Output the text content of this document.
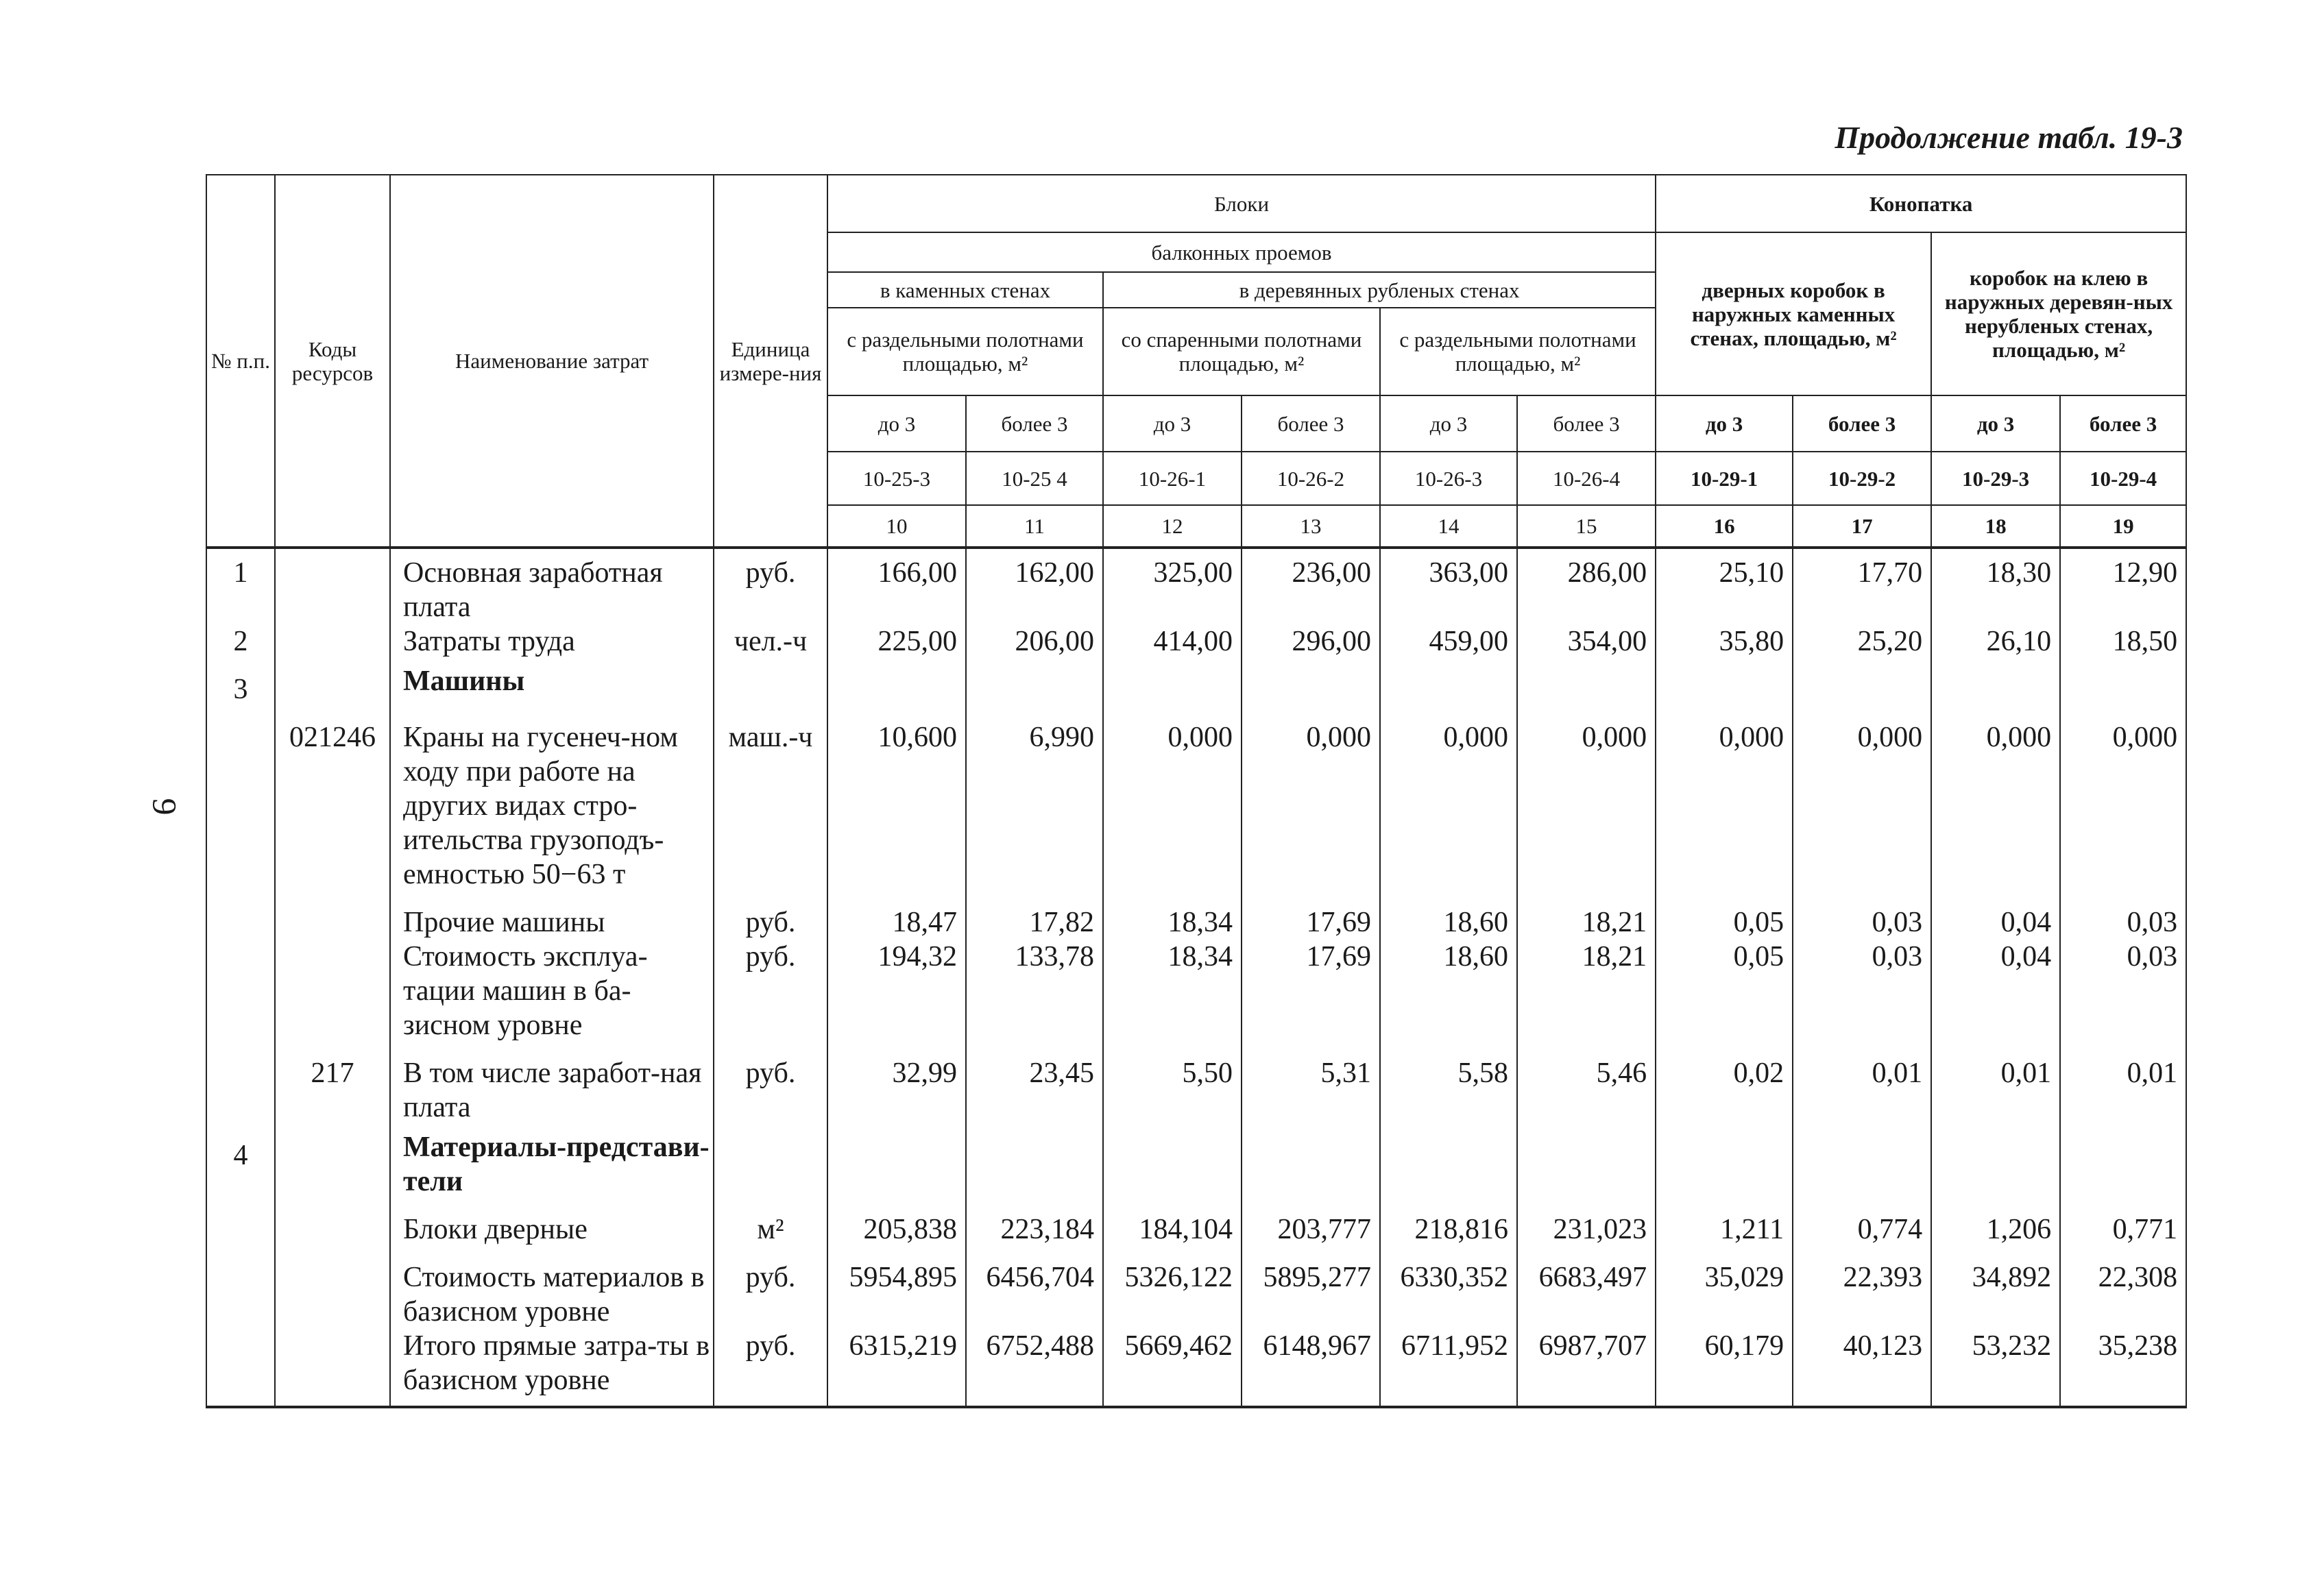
Продолжение табл. 19-3
9
№ п.п.	Коды ресурсов	Наименование затрат	Единица измере-ния	Блоки						Конопатка			
				балконных проемов						дверных коробок в наружных каменных стенах, площадью, м²		коробок на клею в наружных деревян-ных нерубленых стенах, площадью, м²	
				в каменных стенах		в деревянных рубленых стенах							
				с раздельными полотнами площадью, м²		со спаренными полотнами площадью, м²		с раздельными полотнами площадью, м²					
				до 3	более 3	до 3	более 3	до 3	более 3	до 3	более 3	до 3	более 3
				10-25-3	10-25 4	10-26-1	10-26-2	10-26-3	10-26-4	10-29-1	10-29-2	10-29-3	10-29-4
				10	11	12	13	14	15	16	17	18	19
1		Основная заработная плата	руб.	166,00	162,00	325,00	236,00	363,00	286,00	25,10	17,70	18,30	12,90
2		Затраты труда	чел.-ч	225,00	206,00	414,00	296,00	459,00	354,00	35,80	25,20	26,10	18,50
3		Машины											
	021246	Краны на гусенеч-ном ходу при работе на других видах стро-ительства грузоподъ-емностью 50−63 т	маш.-ч	10,600	6,990	0,000	0,000	0,000	0,000	0,000	0,000	0,000	0,000
		Прочие машины	руб.	18,47	17,82	18,34	17,69	18,60	18,21	0,05	0,03	0,04	0,03
		Стоимость эксплуа-тации машин в ба-зисном уровне	руб.	194,32	133,78	18,34	17,69	18,60	18,21	0,05	0,03	0,04	0,03
	217	В том числе заработ-ная плата	руб.	32,99	23,45	5,50	5,31	5,58	5,46	0,02	0,01	0,01	0,01
4		Материалы-представи-тели											
		Блоки дверные	м²	205,838	223,184	184,104	203,777	218,816	231,023	1,211	0,774	1,206	0,771
		Стоимость материалов в базисном уровне	руб.	5954,895	6456,704	5326,122	5895,277	6330,352	6683,497	35,029	22,393	34,892	22,308
		Итого прямые затра-ты в базисном уровне	руб.	6315,219	6752,488	5669,462	6148,967	6711,952	6987,707	60,179	40,123	53,232	35,238
